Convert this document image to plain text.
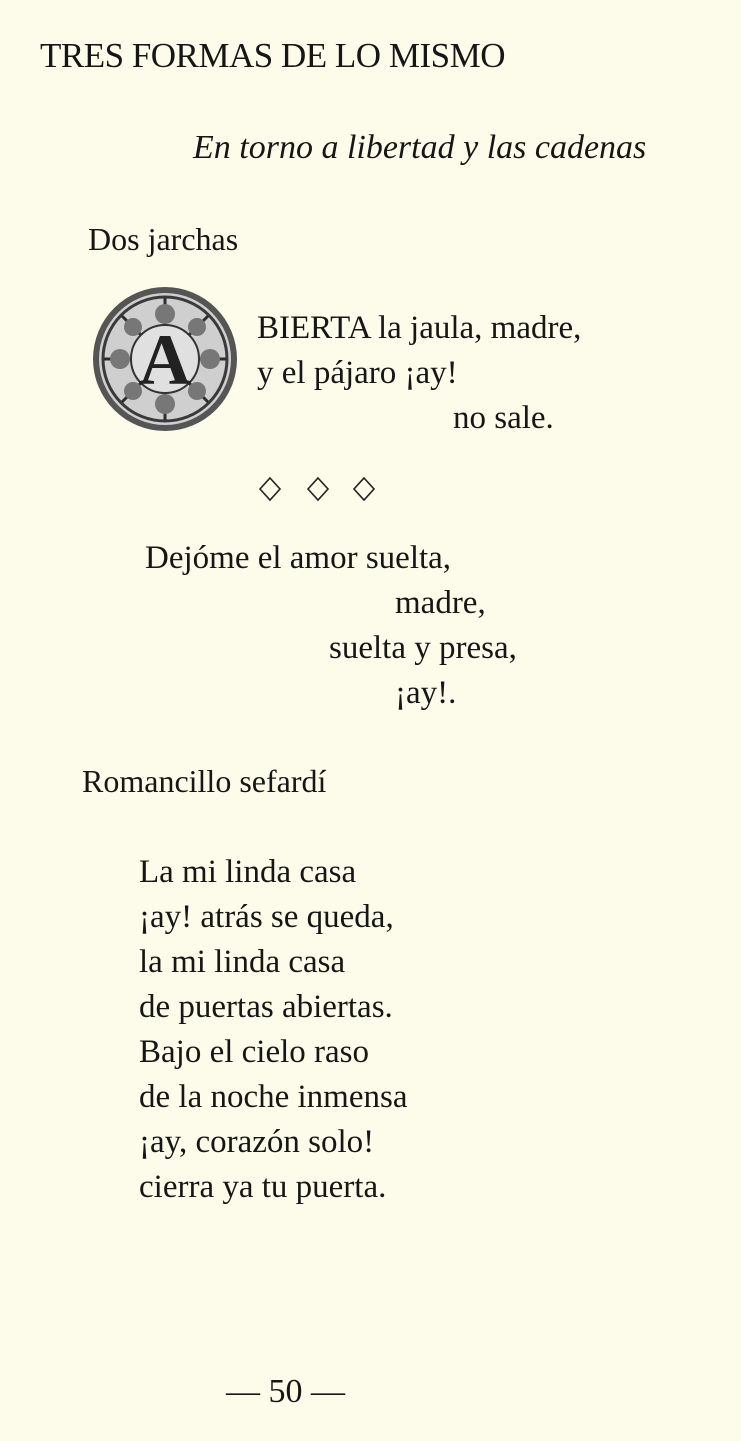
TRES FORMAS DE LO MISMO
En torno a libertad y las cadenas
Dos jarchas
A BIERTA la jaula, madre,
y el pájaro ¡ay!
no sale.
Dejóme el amor suelta,
madre,
suelta y presa,
¡ay!.
Romancillo sefardí
La mi linda casa
¡ay! atrás se queda,
la mi linda casa
de puertas abiertas.
Bajo el cielo raso
de la noche inmensa
¡ay, corazón solo!
cierra ya tu puerta.
— 50 —
